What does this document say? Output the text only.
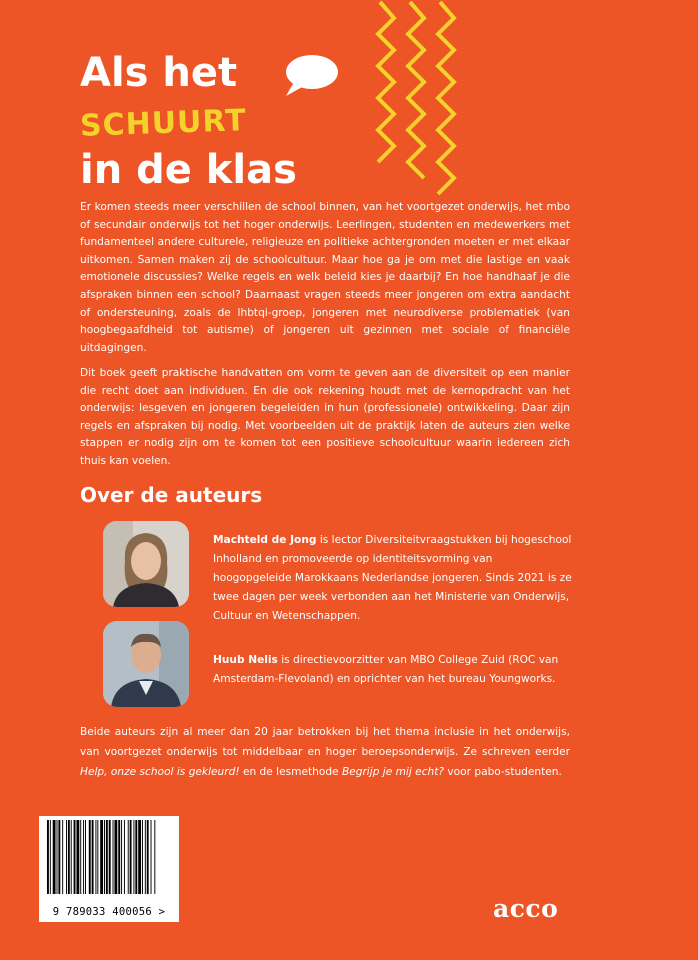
Als het
SCHUURT
in de klas

Er komen steeds meer verschillen de school binnen, van het voortgezet onderwijs, het mbo of secundair onderwijs tot het hoger onderwijs. Leerlingen, studenten en medewerkers met fundamenteel andere culturele, religieuze en politieke achtergronden moeten er met elkaar uitkomen. Samen maken zij de schoolcultuur. Maar hoe ga je om met die lastige en vaak emotionele discussies? Welke regels en welk beleid kies je daarbij? En hoe handhaaf je die afspraken binnen een school? Daarnaast vragen steeds meer jongeren om extra aandacht of ondersteuning, zoals de lhbtqi-groep, jongeren met neurodiverse problematiek (van hoogbegaafdheid tot autisme) of jongeren uit gezinnen met sociale of financiële uitdagingen.

Dit boek geeft praktische handvatten om vorm te geven aan de diversiteit op een manier die recht doet aan individuen. En die ook rekening houdt met de kernopdracht van het onderwijs: lesgeven en jongeren begeleiden in hun (professionele) ontwikkeling. Daar zijn regels en afspraken bij nodig. Met voorbeelden uit de praktijk laten de auteurs zien welke stappen er nodig zijn om te komen tot een positieve schoolcultuur waarin iedereen zich thuis kan voelen.

Over de auteurs

Machteld de Jong is lector Diversiteitvraagstukken bij hogeschool Inholland en promoveerde op identiteitsvorming van hoogopgeleide Marokkaans Nederlandse jongeren. Sinds 2021 is ze twee dagen per week verbonden aan het Ministerie van Onderwijs, Cultuur en Wetenschappen.

Huub Nelis is directievoorzitter van MBO College Zuid (ROC van Amsterdam-Flevoland) en oprichter van het bureau Youngworks.

Beide auteurs zijn al meer dan 20 jaar betrokken bij het thema inclusie in het onderwijs, van voortgezet onderwijs tot middelbaar en hoger beroepsonderwijs. Ze schreven eerder Help, onze school is gekleurd! en de lesmethode Begrijp je mij echt? voor pabo-studenten.

9 789033 400056 >	acco
